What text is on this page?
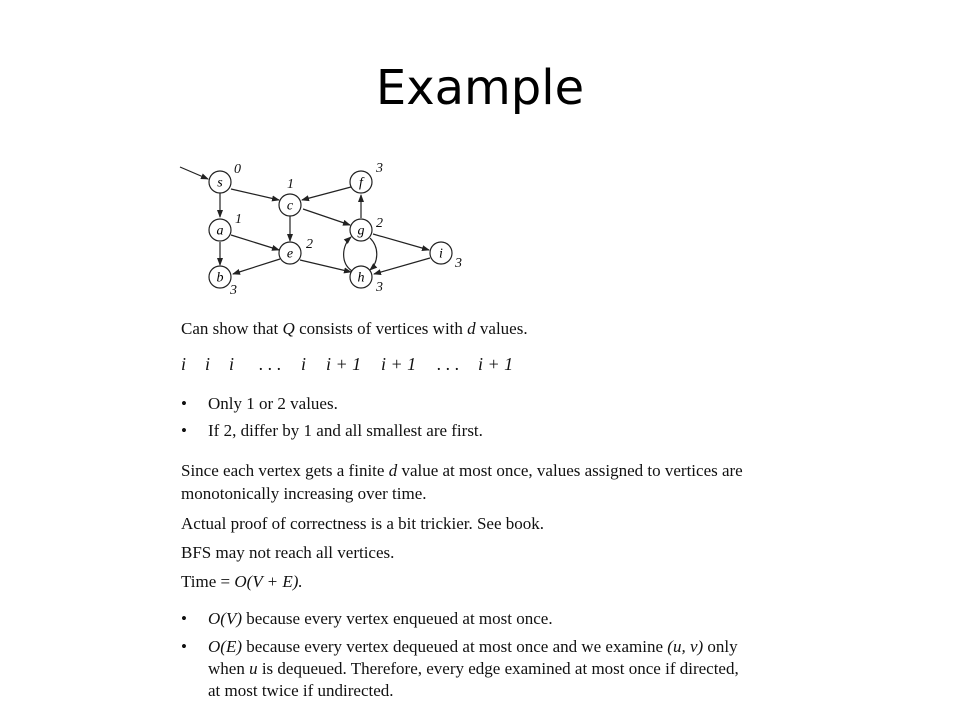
Example
s
0
c
1	f
3
a
1
g 2
e
2
i
3
b
3
h
3
Can show that Q consists of vertices with d values.
i i i . . . i i + 1 i + 1 . . . i + 1
• Only 1 or 2 values.
• If 2, differ by 1 and all smallest are first.
Since each vertex gets a finite d value at most once, values assigned to vertices are
monotonically increasing over time.
Actual proof of correctness is a bit trickier. See book.
BFS may not reach all vertices.
Time = O(V + E).
• O(V) because every vertex enqueued at most once.
• O(E) because every vertex dequeued at most once and we examine (u, v) only
when u is dequeued. Therefore, every edge examined at most once if directed,
at most twice if undirected.
